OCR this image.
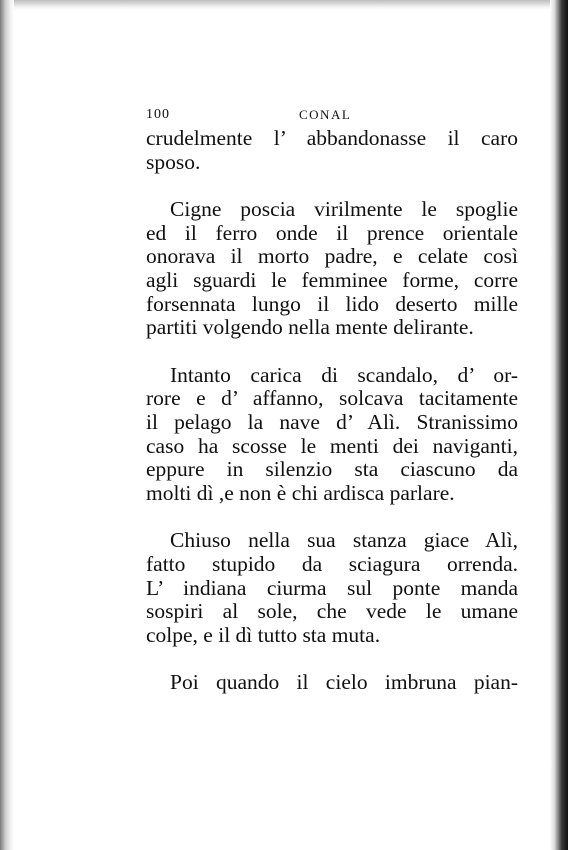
100	CONAL
crudelmente l’ abbandonasse il caro
sposo.
Cigne poscia virilmente le spoglie
ed il ferro onde il prence orientale
onorava il morto padre, e celate così
agli sguardi le femminee forme, corre
forsennata lungo il lido deserto mille
partiti volgendo nella mente delirante.
Intanto carica di scandalo, d’ or-
rore e d’ affanno, solcava tacitamente
il pelago la nave d’ Alì. Stranissimo
caso ha scosse le menti dei naviganti,
eppure in silenzio sta ciascuno da
molti dì ,e non è chi ardisca parlare.
Chiuso nella sua stanza giace Alì,
fatto stupido da sciagura orrenda.
L’ indiana ciurma sul ponte manda
sospiri al sole, che vede le umane
colpe, e il dì tutto sta muta.
Poi quando il cielo imbruna pian-
